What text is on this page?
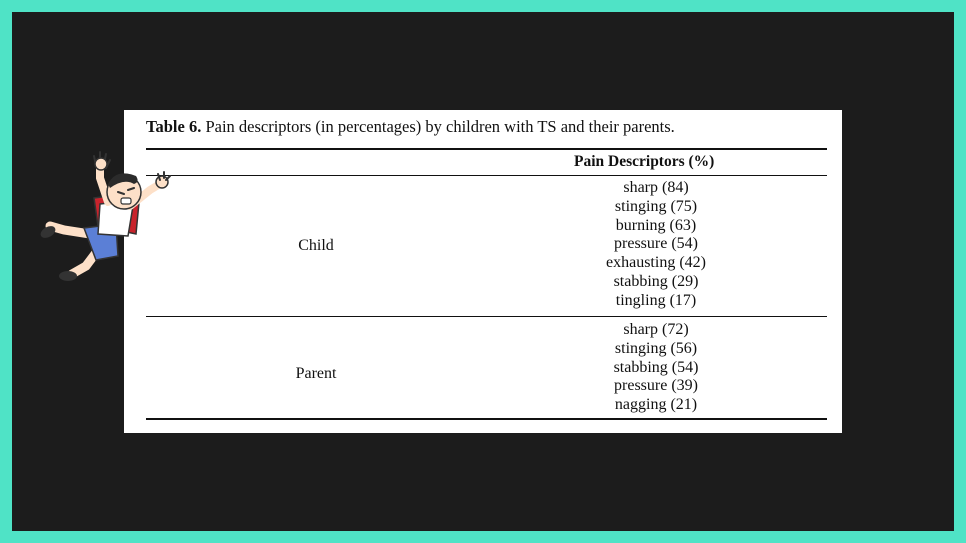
Table 6. Pain descriptors (in percentages) by children with TS and their parents.
Pain Descriptors (%)
Child
sharp (84)
stinging (75)
burning (63)
pressure (54)
exhausting (42)
stabbing (29)
tingling (17)
Parent
sharp (72)
stinging (56)
stabbing (54)
pressure (39)
nagging (21)
